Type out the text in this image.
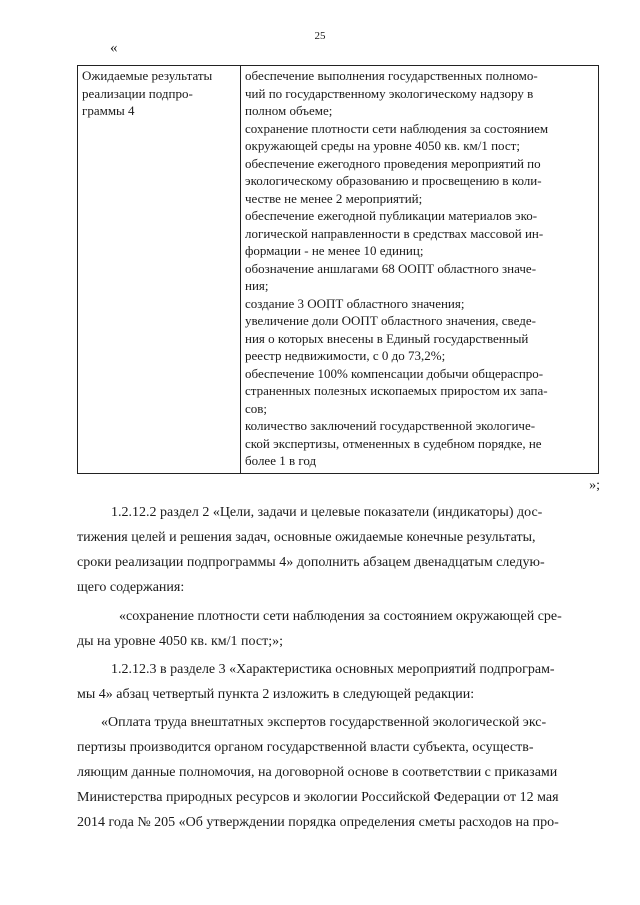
25
«
Ожидаемые результаты
реализации подпро-
граммы 4

обеспечение выполнения государственных полномо-
чий по государственному экологическому надзору в
полном объеме;
сохранение плотности сети наблюдения за состоянием
окружающей среды на уровне 4050 кв. км/1 пост;
обеспечение ежегодного проведения мероприятий по
экологическому образованию и просвещению в коли-
честве не менее 2 мероприятий;
обеспечение ежегодной публикации материалов эко-
логической направленности в средствах массовой ин-
формации - не менее 10 единиц;
обозначение аншлагами 68 ООПТ областного значе-
ния;
создание 3 ООПТ областного значения;
увеличение доли ООПТ областного значения, сведе-
ния о которых внесены в Единый государственный
реестр недвижимости, с 0 до 73,2%;
обеспечение 100% компенсации добычи общераспро-
страненных полезных ископаемых приростом их запа-
сов;
количество заключений государственной экологиче-
ской экспертизы, отмененных в судебном порядке, не
более 1 в год
»;
1.2.12.2 раздел 2 «Цели, задачи и целевые показатели (индикаторы) дос-
тижения целей и решения задач, основные ожидаемые конечные результаты,
сроки реализации подпрограммы 4» дополнить абзацем двенадцатым следую-
щего содержания:
«сохранение плотности сети наблюдения за состоянием окружающей сре-
ды на уровне 4050 кв. км/1 пост;»;
1.2.12.3 в разделе 3 «Характеристика основных мероприятий подпрограм-
мы 4» абзац четвертый пункта 2 изложить в следующей редакции:
«Оплата труда внештатных экспертов государственной экологической экс-
пертизы производится органом государственной власти субъекта, осуществ-
ляющим данные полномочия, на договорной основе в соответствии с приказами
Министерства природных ресурсов и экологии Российской Федерации от 12 мая
2014 года № 205 «Об утверждении порядка определения сметы расходов на про-
